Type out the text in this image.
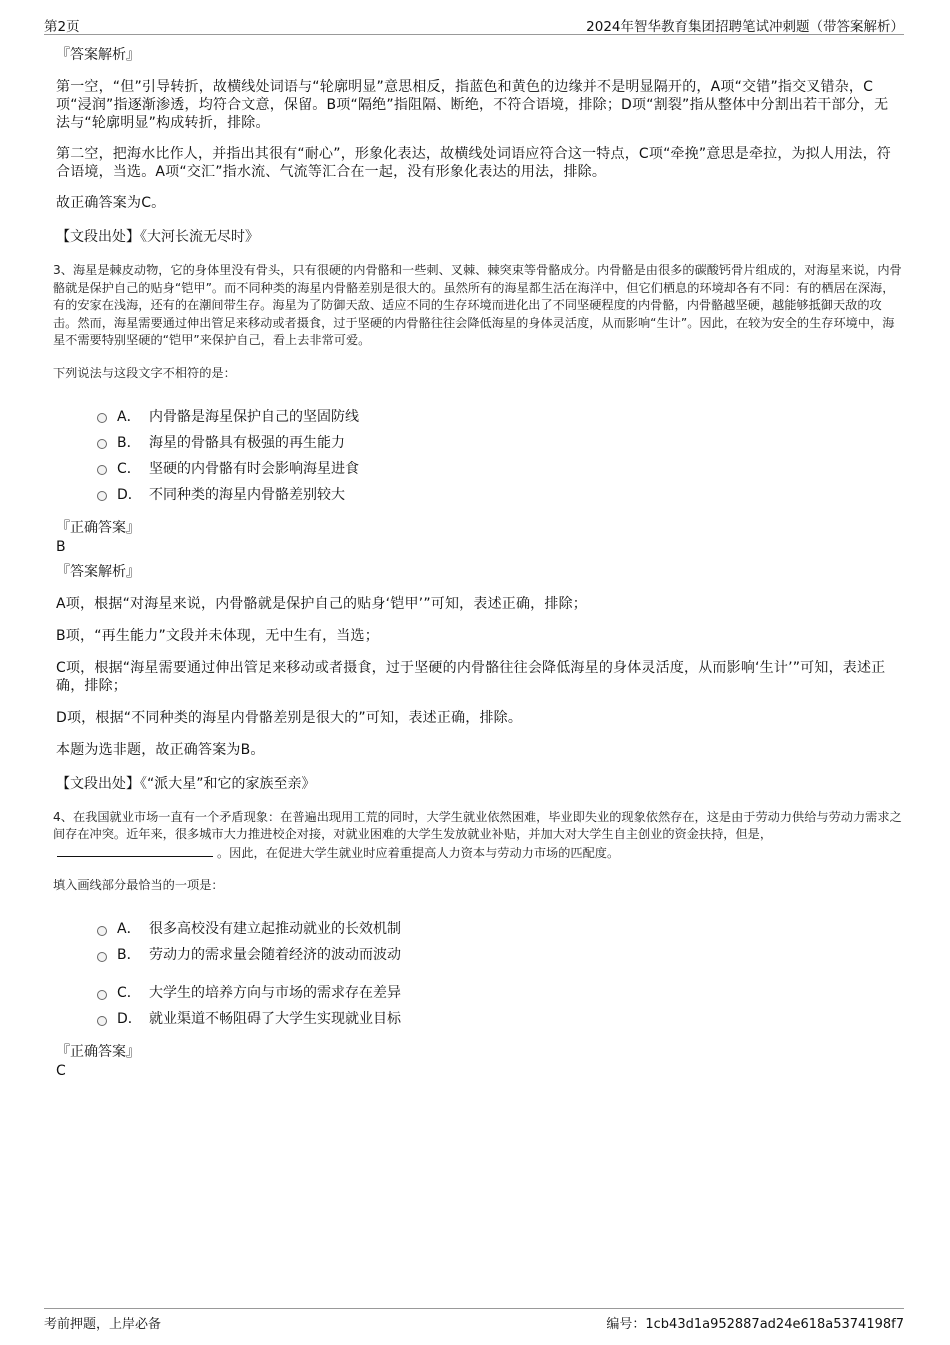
第2页	2024年智华教育集团招聘笔试冲刺题（带答案解析）
『答案解析』

第一空，“但”引导转折，故横线处词语与“轮廓明显”意思相反，指蓝色和黄色的边缘并不是明显隔开的，A项“交错”指交叉错杂，C项“浸润”指逐渐渗透，均符合文意，保留。B项“隔绝”指阻隔、断绝，不符合语境，排除；D项“割裂”指从整体中分割出若干部分，无法与“轮廓明显”构成转折，排除。

第二空，把海水比作人，并指出其很有“耐心”，形象化表达，故横线处词语应符合这一特点，C项“牵挽”意思是牵拉，为拟人用法，符合语境，当选。A项“交汇”指水流、气流等汇合在一起，没有形象化表达的用法，排除。

故正确答案为C。

【文段出处】《大河长流无尽时》

3、海星是棘皮动物，它的身体里没有骨头，只有很硬的内骨骼和一些刺、叉棘、棘突束等骨骼成分。内骨骼是由很多的碳酸钙骨片组成的，对海星来说，内骨骼就是保护自己的贴身“铠甲”。而不同种类的海星内骨骼差别是很大的。虽然所有的海星都生活在海洋中，但它们栖息的环境却各有不同：有的栖居在深海，有的安家在浅海，还有的在潮间带生存。海星为了防御天敌、适应不同的生存环境而进化出了不同坚硬程度的内骨骼，内骨骼越坚硬，越能够抵御天敌的攻击。然而，海星需要通过伸出管足来移动或者摄食，过于坚硬的内骨骼往往会降低海星的身体灵活度，从而影响“生计”。因此，在较为安全的生存环境中，海星不需要特别坚硬的“铠甲”来保护自己，看上去非常可爱。

下列说法与这段文字不相符的是：

A． 内骨骼是海星保护自己的坚固防线
B． 海星的骨骼具有极强的再生能力
C． 坚硬的内骨骼有时会影响海星进食
D． 不同种类的海星内骨骼差别较大
『正确答案』
B
『答案解析』

A项，根据“对海星来说，内骨骼就是保护自己的贴身‘铠甲’”可知，表述正确，排除；

B项，“再生能力”文段并未体现，无中生有，当选；

C项，根据“海星需要通过伸出管足来移动或者摄食，过于坚硬的内骨骼往往会降低海星的身体灵活度，从而影响‘生计’”可知，表述正确，排除；

D项，根据“不同种类的海星内骨骼差别是很大的”可知，表述正确，排除。

本题为选非题，故正确答案为B。

【文段出处】《“派大星”和它的家族至亲》

4、在我国就业市场一直有一个矛盾现象：在普遍出现用工荒的同时，大学生就业依然困难，毕业即失业的现象依然存在，这是由于劳动力供给与劳动力需求之间存在冲突。近年来，很多城市大力推进校企对接，对就业困难的大学生发放就业补贴，并加大对大学生自主创业的资金扶持，但是，。因此，在促进大学生就业时应着重提高人力资本与劳动力市场的匹配度。

填入画线部分最恰当的一项是：

A． 很多高校没有建立起推动就业的长效机制
B． 劳动力的需求量会随着经济的波动而波动
C． 大学生的培养方向与市场的需求存在差异
D． 就业渠道不畅阻碍了大学生实现就业目标
『正确答案』
C
考前押题，上岸必备	编号：1cb43d1a952887ad24e618a5374198f7
